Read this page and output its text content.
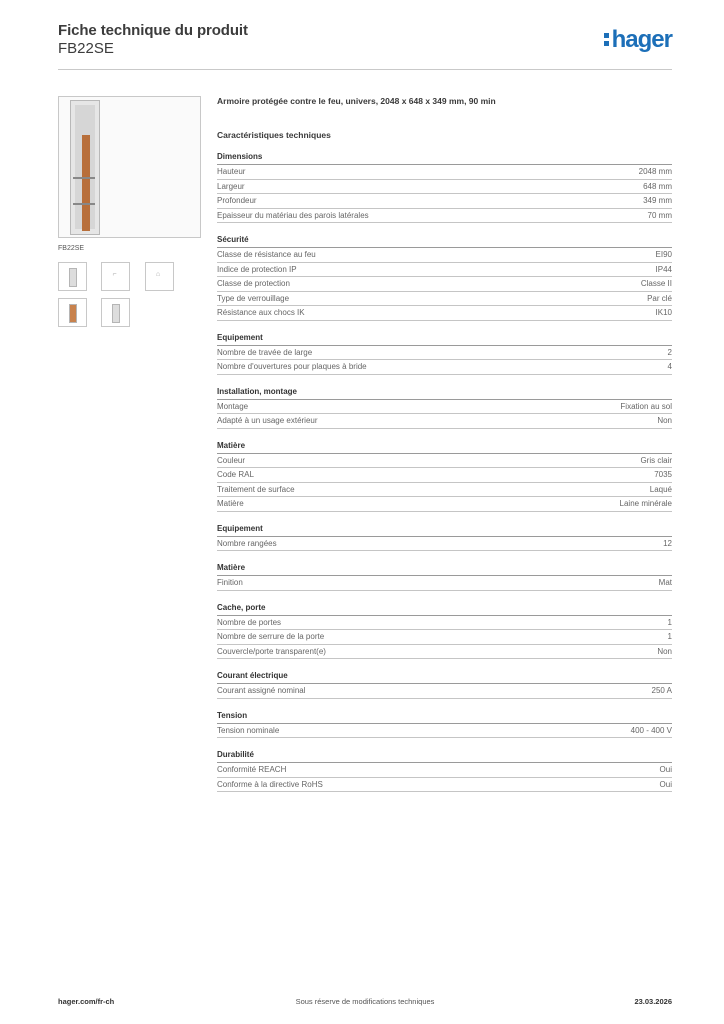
Fiche technique du produit
FB22SE	hager
FB22SE

⌐
	⌂

Armoire protégée contre le feu, univers, 2048 x 648 x 349 mm, 90 min
Caractéristiques techniques
Dimensions
Hauteur	2048 mm
Largeur	648 mm
Profondeur	349 mm
Epaisseur du matériau des parois latérales	70 mm
Sécurité
Classe de résistance au feu	EI90
Indice de protection IP	IP44
Classe de protection	Classe II
Type de verrouillage	Par clé
Résistance aux chocs IK	IK10
Equipement
Nombre de travée de large	2
Nombre d'ouvertures pour plaques à bride	4
Installation, montage
Montage	Fixation au sol
Adapté à un usage extérieur	Non
Matière
Couleur	Gris clair
Code RAL	7035
Traitement de surface	Laqué
Matière	Laine minérale
Equipement
Nombre rangées	12
Matière
Finition	Mat
Cache, porte
Nombre de portes	1
Nombre de serrure de la porte	1
Couvercle/porte transparent(e)	Non
Courant électrique
Courant assigné nominal	250 A
Tension
Tension nominale	400 - 400 V
Durabilité
Conformité REACH	Oui
Conforme à la directive RoHS	Oui
hager.com/fr-ch	Sous réserve de modifications techniques	23.03.2026
